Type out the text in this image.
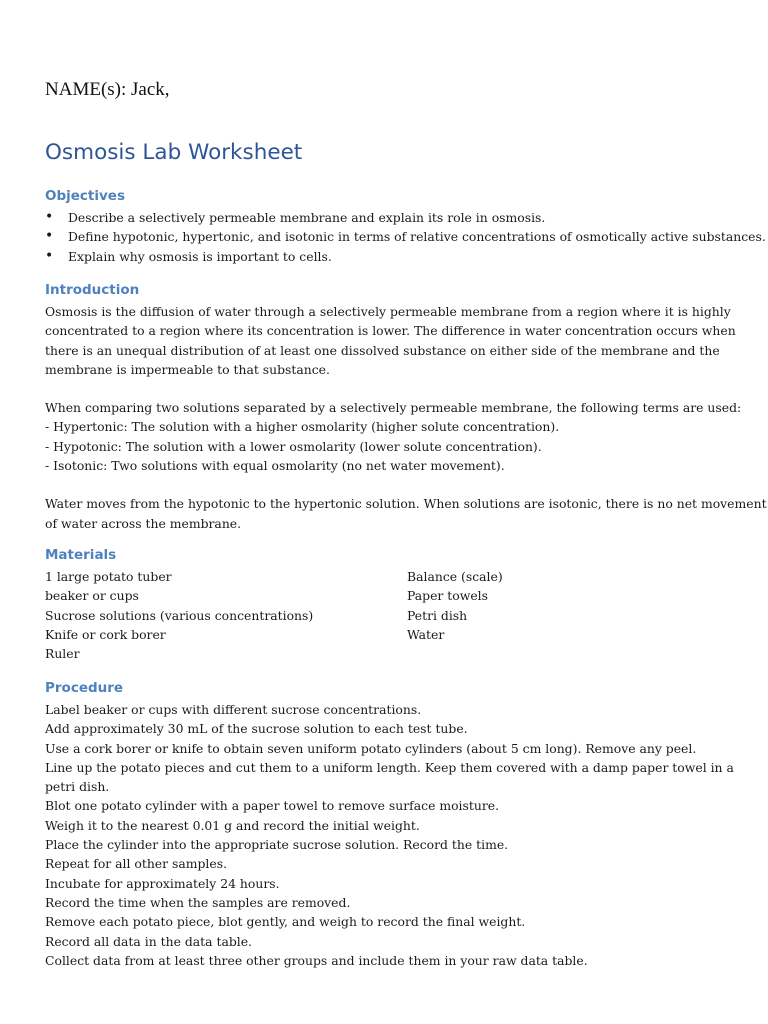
NAME(s): Jack,
Osmosis Lab Worksheet
Objectives
• Describe a selectively permeable membrane and explain its role in osmosis.
• Define hypotonic, hypertonic, and isotonic in terms of relative concentrations of osmotically active substances.
• Explain why osmosis is important to cells.
Introduction
Osmosis is the diffusion of water through a selectively permeable membrane from a region where it is highly
concentrated to a region where its concentration is lower. The difference in water concentration occurs when
there is an unequal distribution of at least one dissolved substance on either side of the membrane and the
membrane is impermeable to that substance.
When comparing two solutions separated by a selectively permeable membrane, the following terms are used:
- Hypertonic: The solution with a higher osmolarity (higher solute concentration).
- Hypotonic: The solution with a lower osmolarity (lower solute concentration).
- Isotonic: Two solutions with equal osmolarity (no net water movement).
Water moves from the hypotonic to the hypertonic solution. When solutions are isotonic, there is no net movement
of water across the membrane.
Materials
1 large potato tuber
beaker or cups
Sucrose solutions (various concentrations)
Knife or cork borer
Ruler
Balance (scale)
Paper towels
Petri dish
Water
Procedure
Label beaker or cups with different sucrose concentrations.
Add approximately 30 mL of the sucrose solution to each test tube.
Use a cork borer or knife to obtain seven uniform potato cylinders (about 5 cm long). Remove any peel.
Line up the potato pieces and cut them to a uniform length. Keep them covered with a damp paper towel in a petri dish.
Blot one potato cylinder with a paper towel to remove surface moisture.
Weigh it to the nearest 0.01 g and record the initial weight.
Place the cylinder into the appropriate sucrose solution. Record the time.
Repeat for all other samples.
Incubate for approximately 24 hours.
Record the time when the samples are removed.
Remove each potato piece, blot gently, and weigh to record the final weight.
Record all data in the data table.
Collect data from at least three other groups and include them in your raw data table.
